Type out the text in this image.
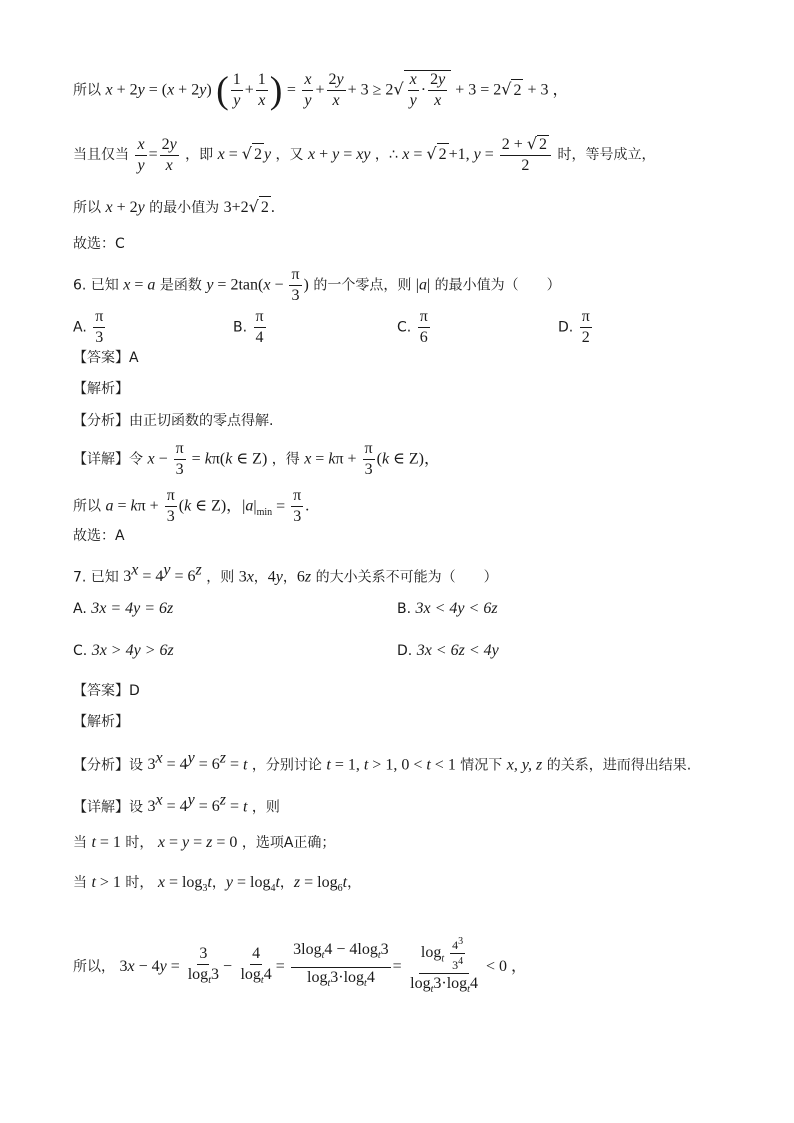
所以 x + 2y = (x + 2y) ( $\frac{1}{y} + \frac{1}{x}$ ) = $\frac{x}{y} + \frac{2y}{x} + 3 \ge 2√ \frac{x}{y} \cdot \frac{2y}{x} + 3 = 2√$ 2 + 3 ，
当且仅当 $\frac{x}{y} = \frac{2y}{x}$ ，即 x = √ 2 y ，又 x + y = xy ，∴ x = √ 2 +1, $y = \frac{2 + √ 2}{2}$ 时，等号成立，
所以 x + 2y 的最小值为 3+2√ 2 .
故选：C
6. 已知 x = a 是函数 $y = 2\tan(x - \frac{\pi}{3}$ ) 的一个零点，则 |a| 的最小值为（　　）
A. $\frac{\pi}{3}$	B. $\frac{\pi}{4}$	C. $\frac{\pi}{6}$	D. $\frac{\pi}{2}$
【答案】A
【解析】
【分析】由正切函数的零点得解.
【详解】令 $x - \frac{\pi}{3} = k\pi(k$ ∈ Z) ，得 $x = k\pi + \frac{\pi}{3} (k$ ∈ Z)，
所以 $a = k\pi + \frac{\pi}{3} (k$ ∈ Z)，$|a|_{min} = \frac{\pi}{3}$ .
故选：A
7. 已知 $3^x = 4^y = 6^z$ ，则 3x，4y，6z 的大小关系不可能为（　　）
A. 3x = 4y = 6z	B. 3x < 4y < 6z
C. 3x > 4y > 6z	D. 3x < 6z < 4y
【答案】D
【解析】
【分析】设 $3^x = 4^y = 6^z = t$ ，分别讨论 t = 1, t > 1, 0 < t < 1 情况下 x, y, z 的关系，进而得出结果.
【详解】设 $3^x = 4^y = 6^z = t$ ，则
当 t = 1 时， x = y = z = 0 ，选项A正确；
当 t > 1 时， $x = \log_3t$，$y = \log_4t$，$z = \log_6t$，
所以， $3x - 4y = \frac{3}{\log_t3} - \frac{4}{\log_t4} = \frac{3\log_t4 - 4\log_t3}{\log_t3\cdot\log_t4} = \frac{\log_t \frac{4^3}{3^4}}{\log_t3\cdot\log_t4} < 0$ ，
